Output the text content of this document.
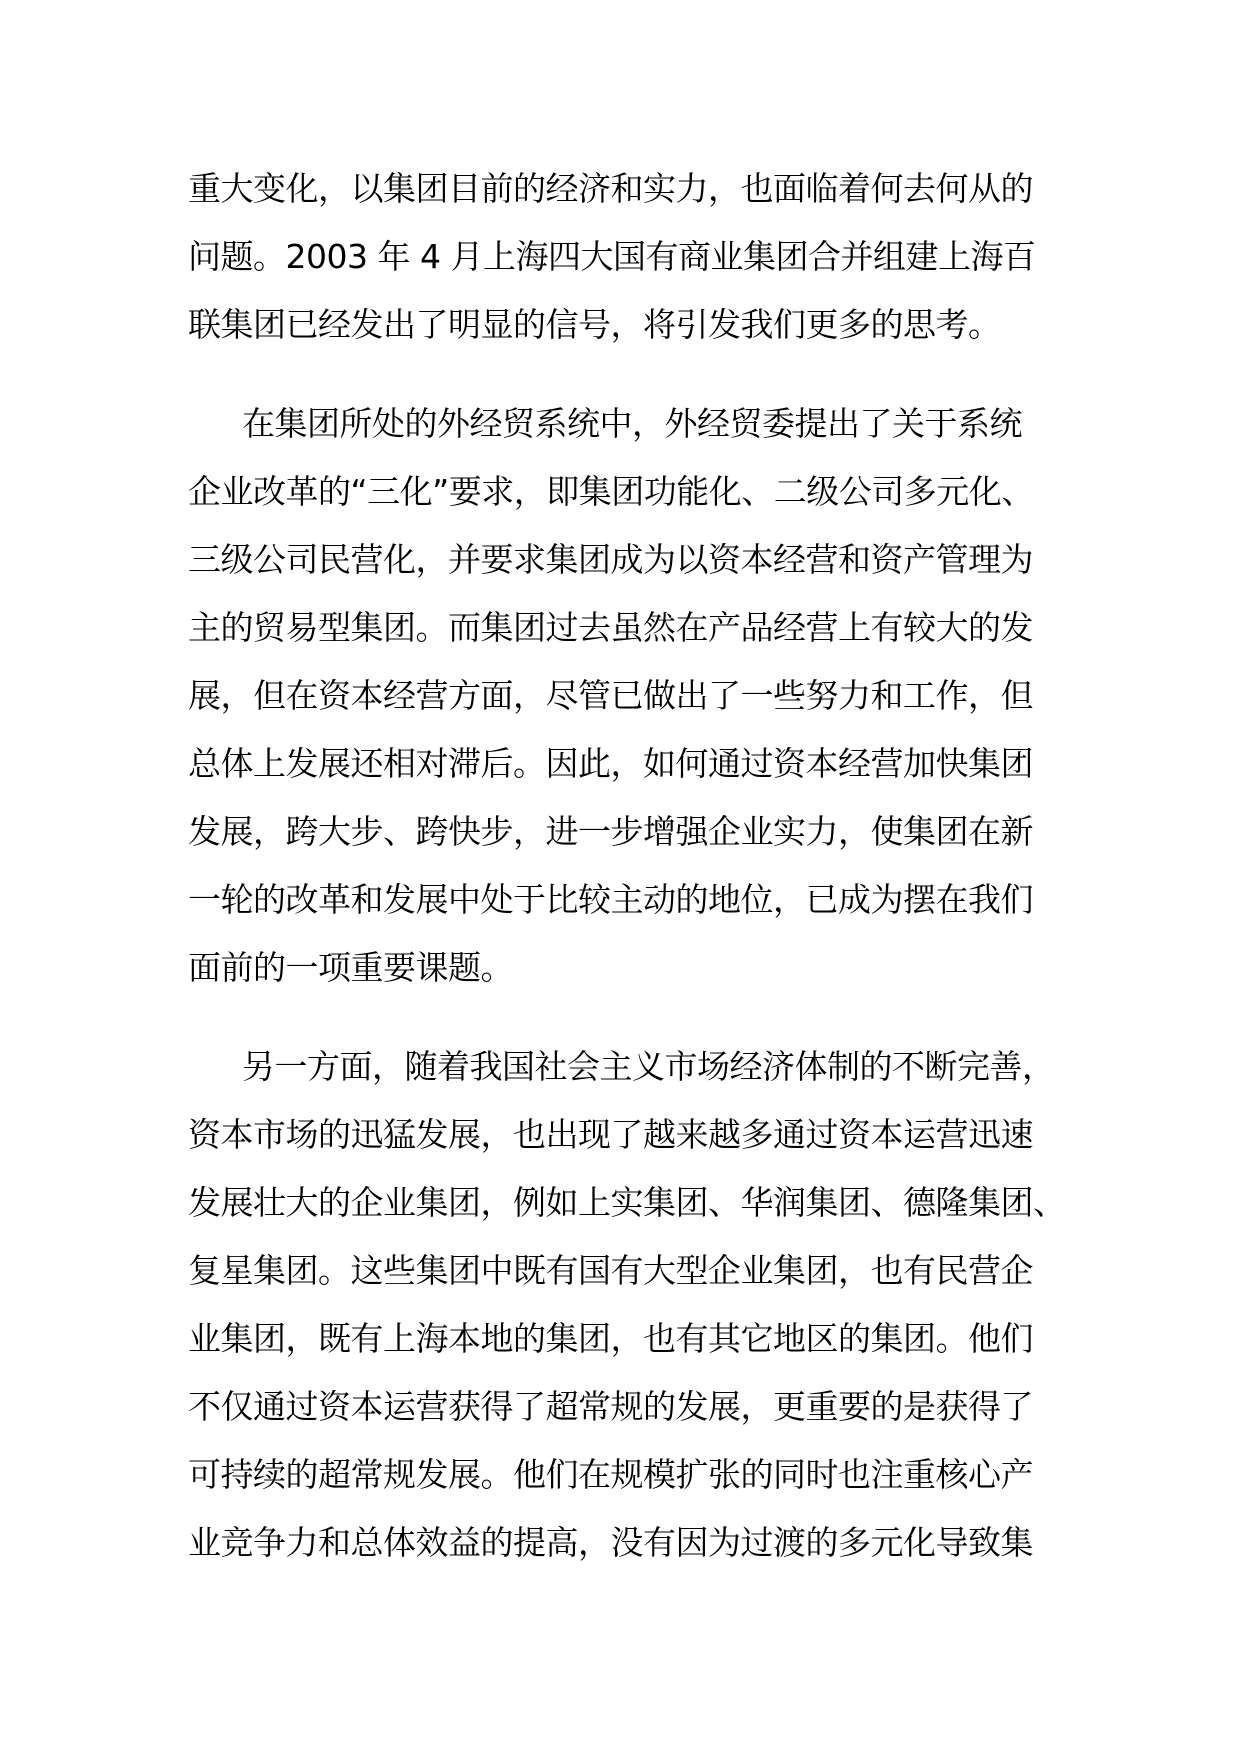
重大变化，以集团目前的经济和实力，也面临着何去何从的
问题。2003 年 4 月上海四大国有商业集团合并组建上海百
联集团已经发出了明显的信号，将引发我们更多的思考。
在集团所处的外经贸系统中，外经贸委提出了关于系统
企业改革的“三化”要求，即集团功能化、二级公司多元化、
三级公司民营化，并要求集团成为以资本经营和资产管理为
主的贸易型集团。而集团过去虽然在产品经营上有较大的发
展，但在资本经营方面，尽管已做出了一些努力和工作，但
总体上发展还相对滞后。因此，如何通过资本经营加快集团
发展，跨大步、跨快步，进一步增强企业实力，使集团在新
一轮的改革和发展中处于比较主动的地位，已成为摆在我们
面前的一项重要课题。
另一方面，随着我国社会主义市场经济体制的不断完善，
资本市场的迅猛发展，也出现了越来越多通过资本运营迅速
发展壮大的企业集团，例如上实集团、华润集团、德隆集团、
复星集团。这些集团中既有国有大型企业集团，也有民营企
业集团，既有上海本地的集团，也有其它地区的集团。他们
不仅通过资本运营获得了超常规的发展，更重要的是获得了
可持续的超常规发展。他们在规模扩张的同时也注重核心产
业竞争力和总体效益的提高，没有因为过渡的多元化导致集
